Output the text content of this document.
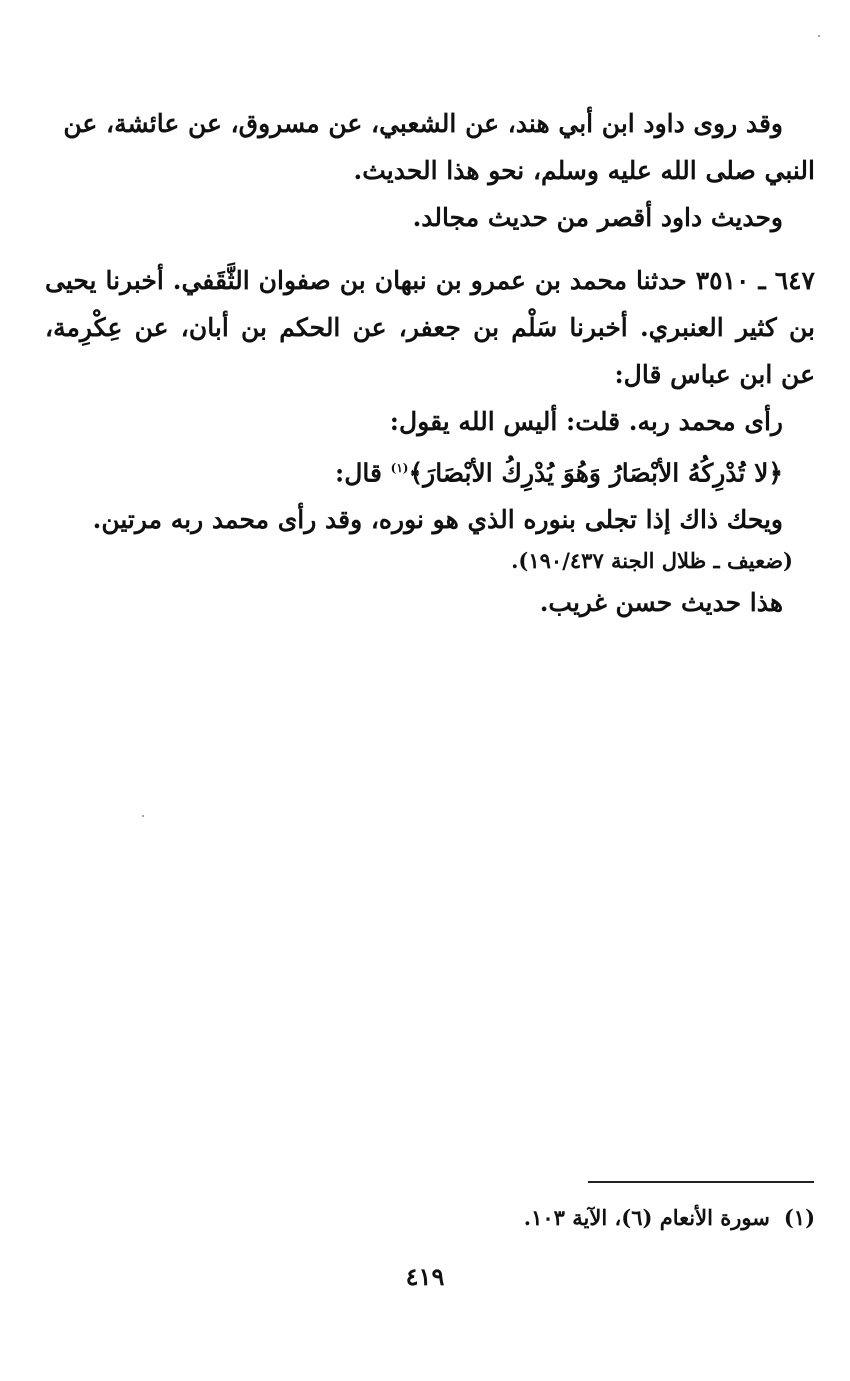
وقد روى داود ابن أبي هند، عن الشعبي، عن مسروق، عن عائشة، عن

النبي صلى الله عليه وسلم، نحو هذا الحديث.

وحديث داود أقصر من حديث مجالد.

٦٤٧ ـ ٣٥١٠ حدثنا محمد بن عمرو بن نبهان بن صفوان الثَّقَفي. أخبرنا يحيى بن كثير العنبري. أخبرنا سَلْم بن جعفر، عن الحكم بن أبان، عن عِكْرِمة، عن ابن عباس قال:

رأى محمد ربه. قلت: أليس الله يقول:

﴿لا تُدْرِكُهُ الأبْصَارُ وَهُوَ يُدْرِكُ الأبْصَارَ﴾$^{(١)}$ قال:

ويحك ذاك إذا تجلى بنوره الذي هو نوره، وقد رأى محمد ربه مرتين.

(ضعيف ـ ظلال الجنة ١٩٠/٤٣٧).

هذا حديث حسن غريب.

(١)سورة الأنعام (٦)، الآية ١٠٣.
٤١٩
